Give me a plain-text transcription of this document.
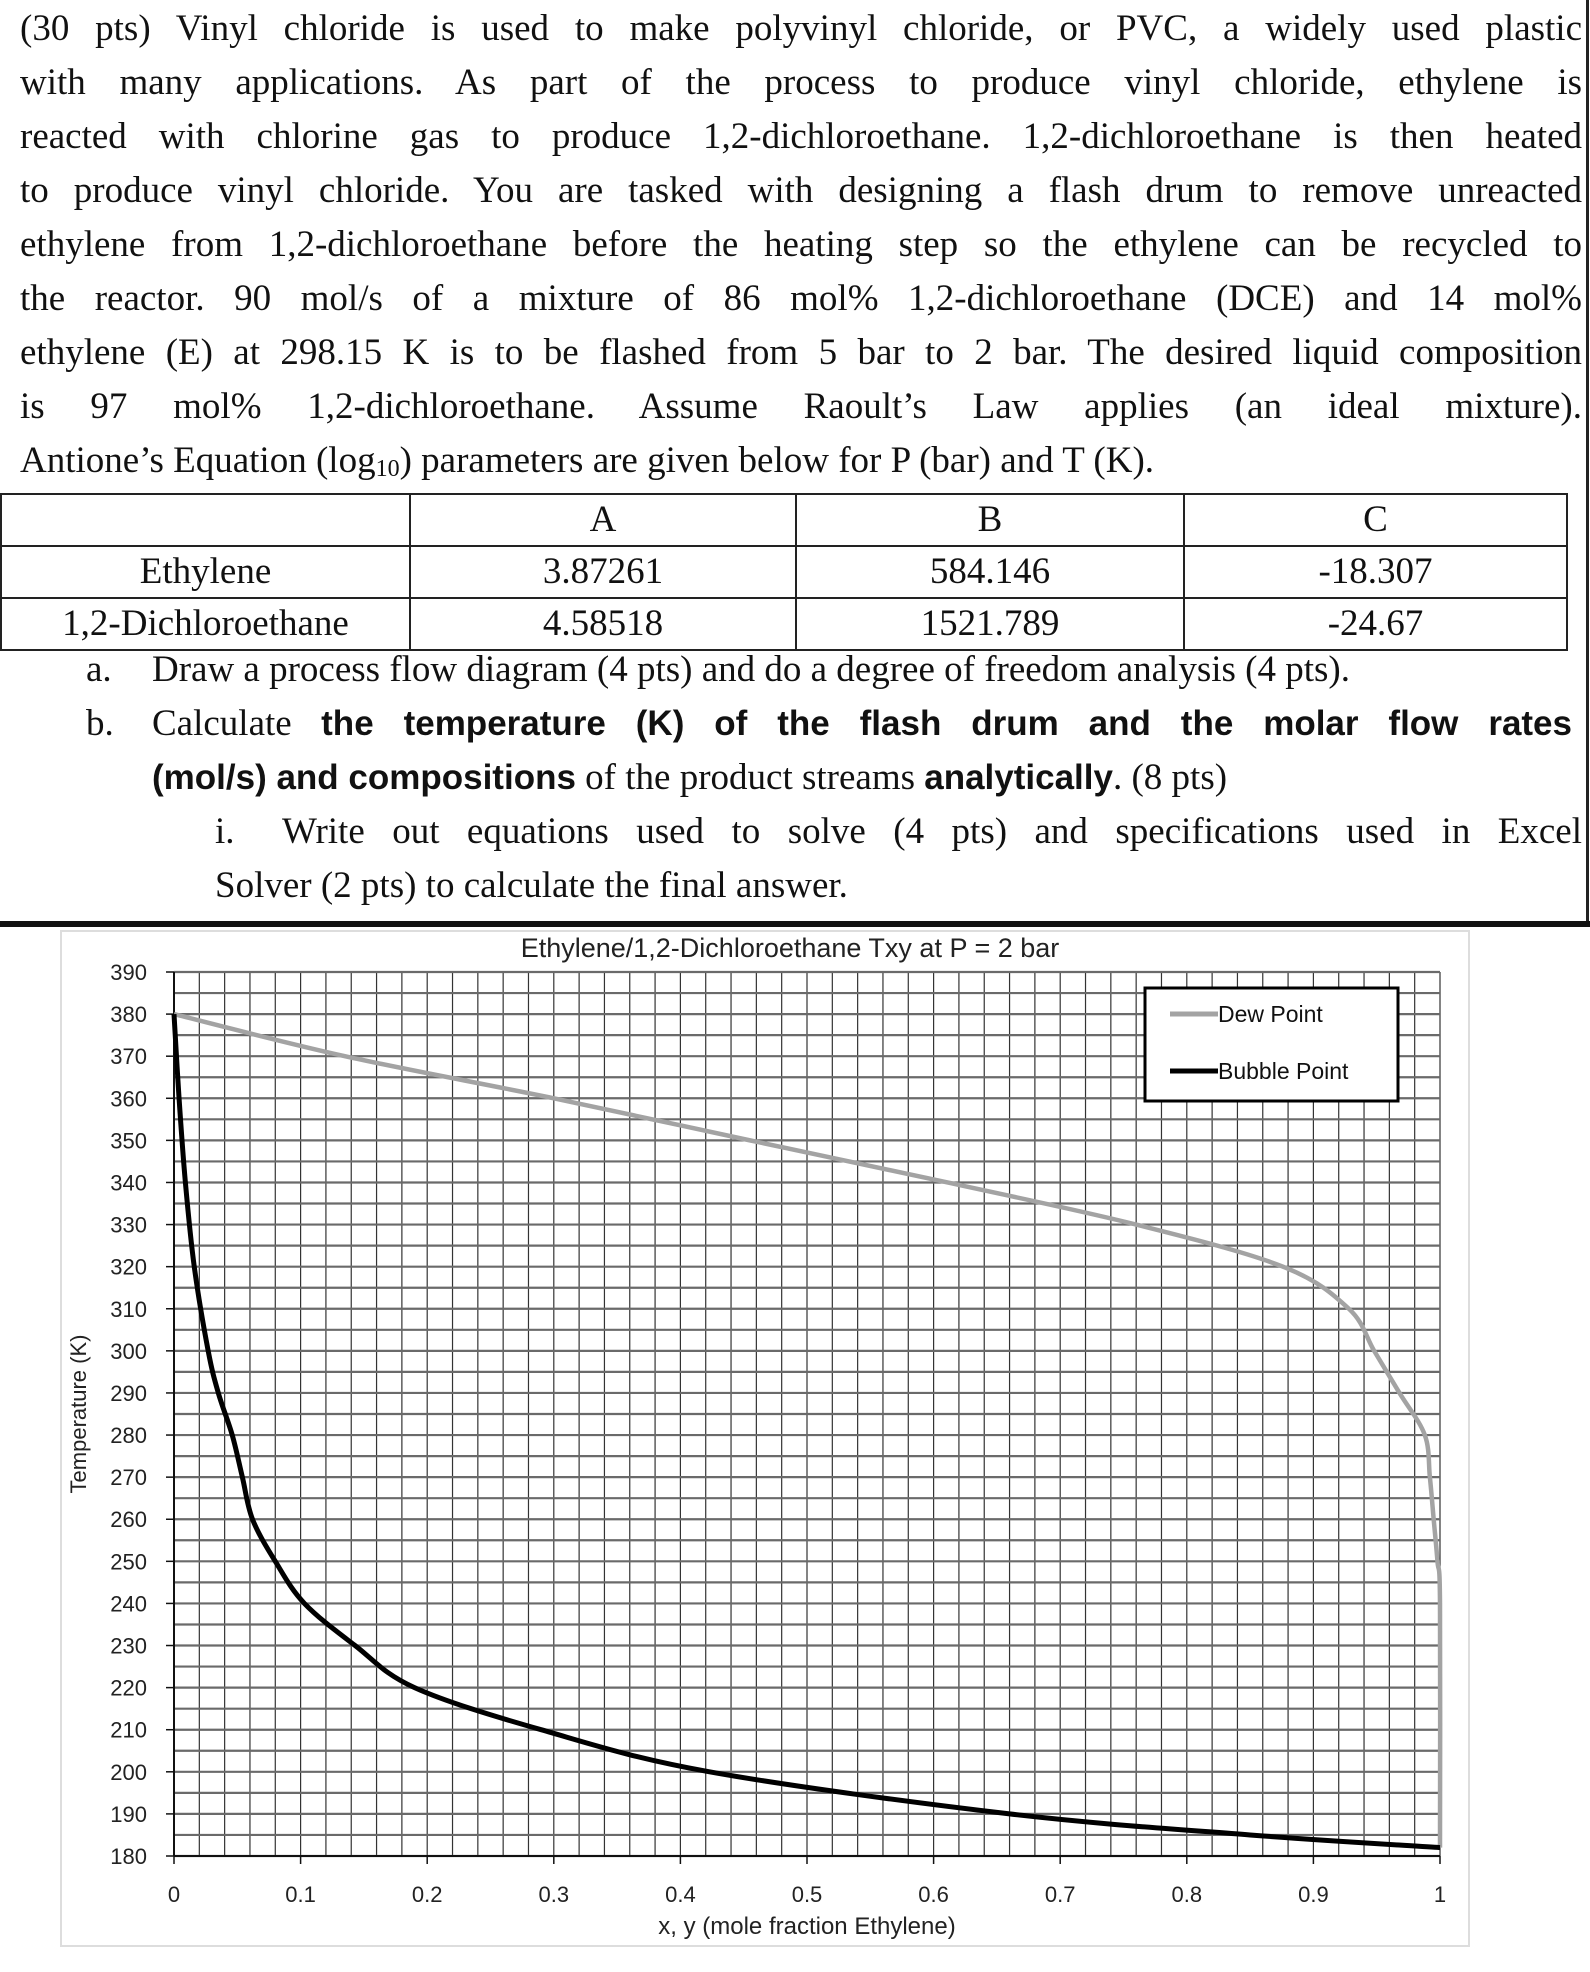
(30 pts) Vinyl chloride is used to make polyvinyl chloride, or PVC, a widely used plastic
with many applications. As part of the process to produce vinyl chloride, ethylene is
reacted with chlorine gas to produce 1,2-dichloroethane. 1,2-dichloroethane is then heated
to produce vinyl chloride. You are tasked with designing a flash drum to remove unreacted
ethylene from 1,2-dichloroethane before the heating step so the ethylene can be recycled to
the reactor. 90 mol/s of a mixture of 86 mol% 1,2-dichloroethane (DCE) and 14 mol%
ethylene (E) at 298.15 K is to be flashed from 5 bar to 2 bar. The desired liquid composition
is 97 mol% 1,2-dichloroethane. Assume Raoult’s Law applies (an ideal mixture).
Antione’s Equation $(\log_{10})$ parameters are given below for P (bar) and T (K).
	A	B	C
Ethylene	3.87261	584.146	-18.307
1,2-Dichloroethane	4.58518	1521.789	-24.67
a. Draw a process flow diagram (4 pts) and do a degree of freedom analysis (4 pts).
b. Calculate the temperature (K) of the flash drum and the molar flow rates
(mol/s) and compositions of the product streams analytically. (8 pts)
i. Write out equations used to solve (4 pts) and specifications used in Excel
Solver (2 pts) to calculate the final answer.
Ethylene/1,2-Dichloroethane Txy at P = 2 bar
Temperature (K)
x, y (mole fraction Ethylene)
390
380
370
360
350
340
330
320
310
300
290
280
270
260
250
240
230
220
210
200
190
180
0	0.1	0.2	0.3	0.4	0.5	0.6	0.7	0.8	0.9	1
Dew Point
Bubble Point
